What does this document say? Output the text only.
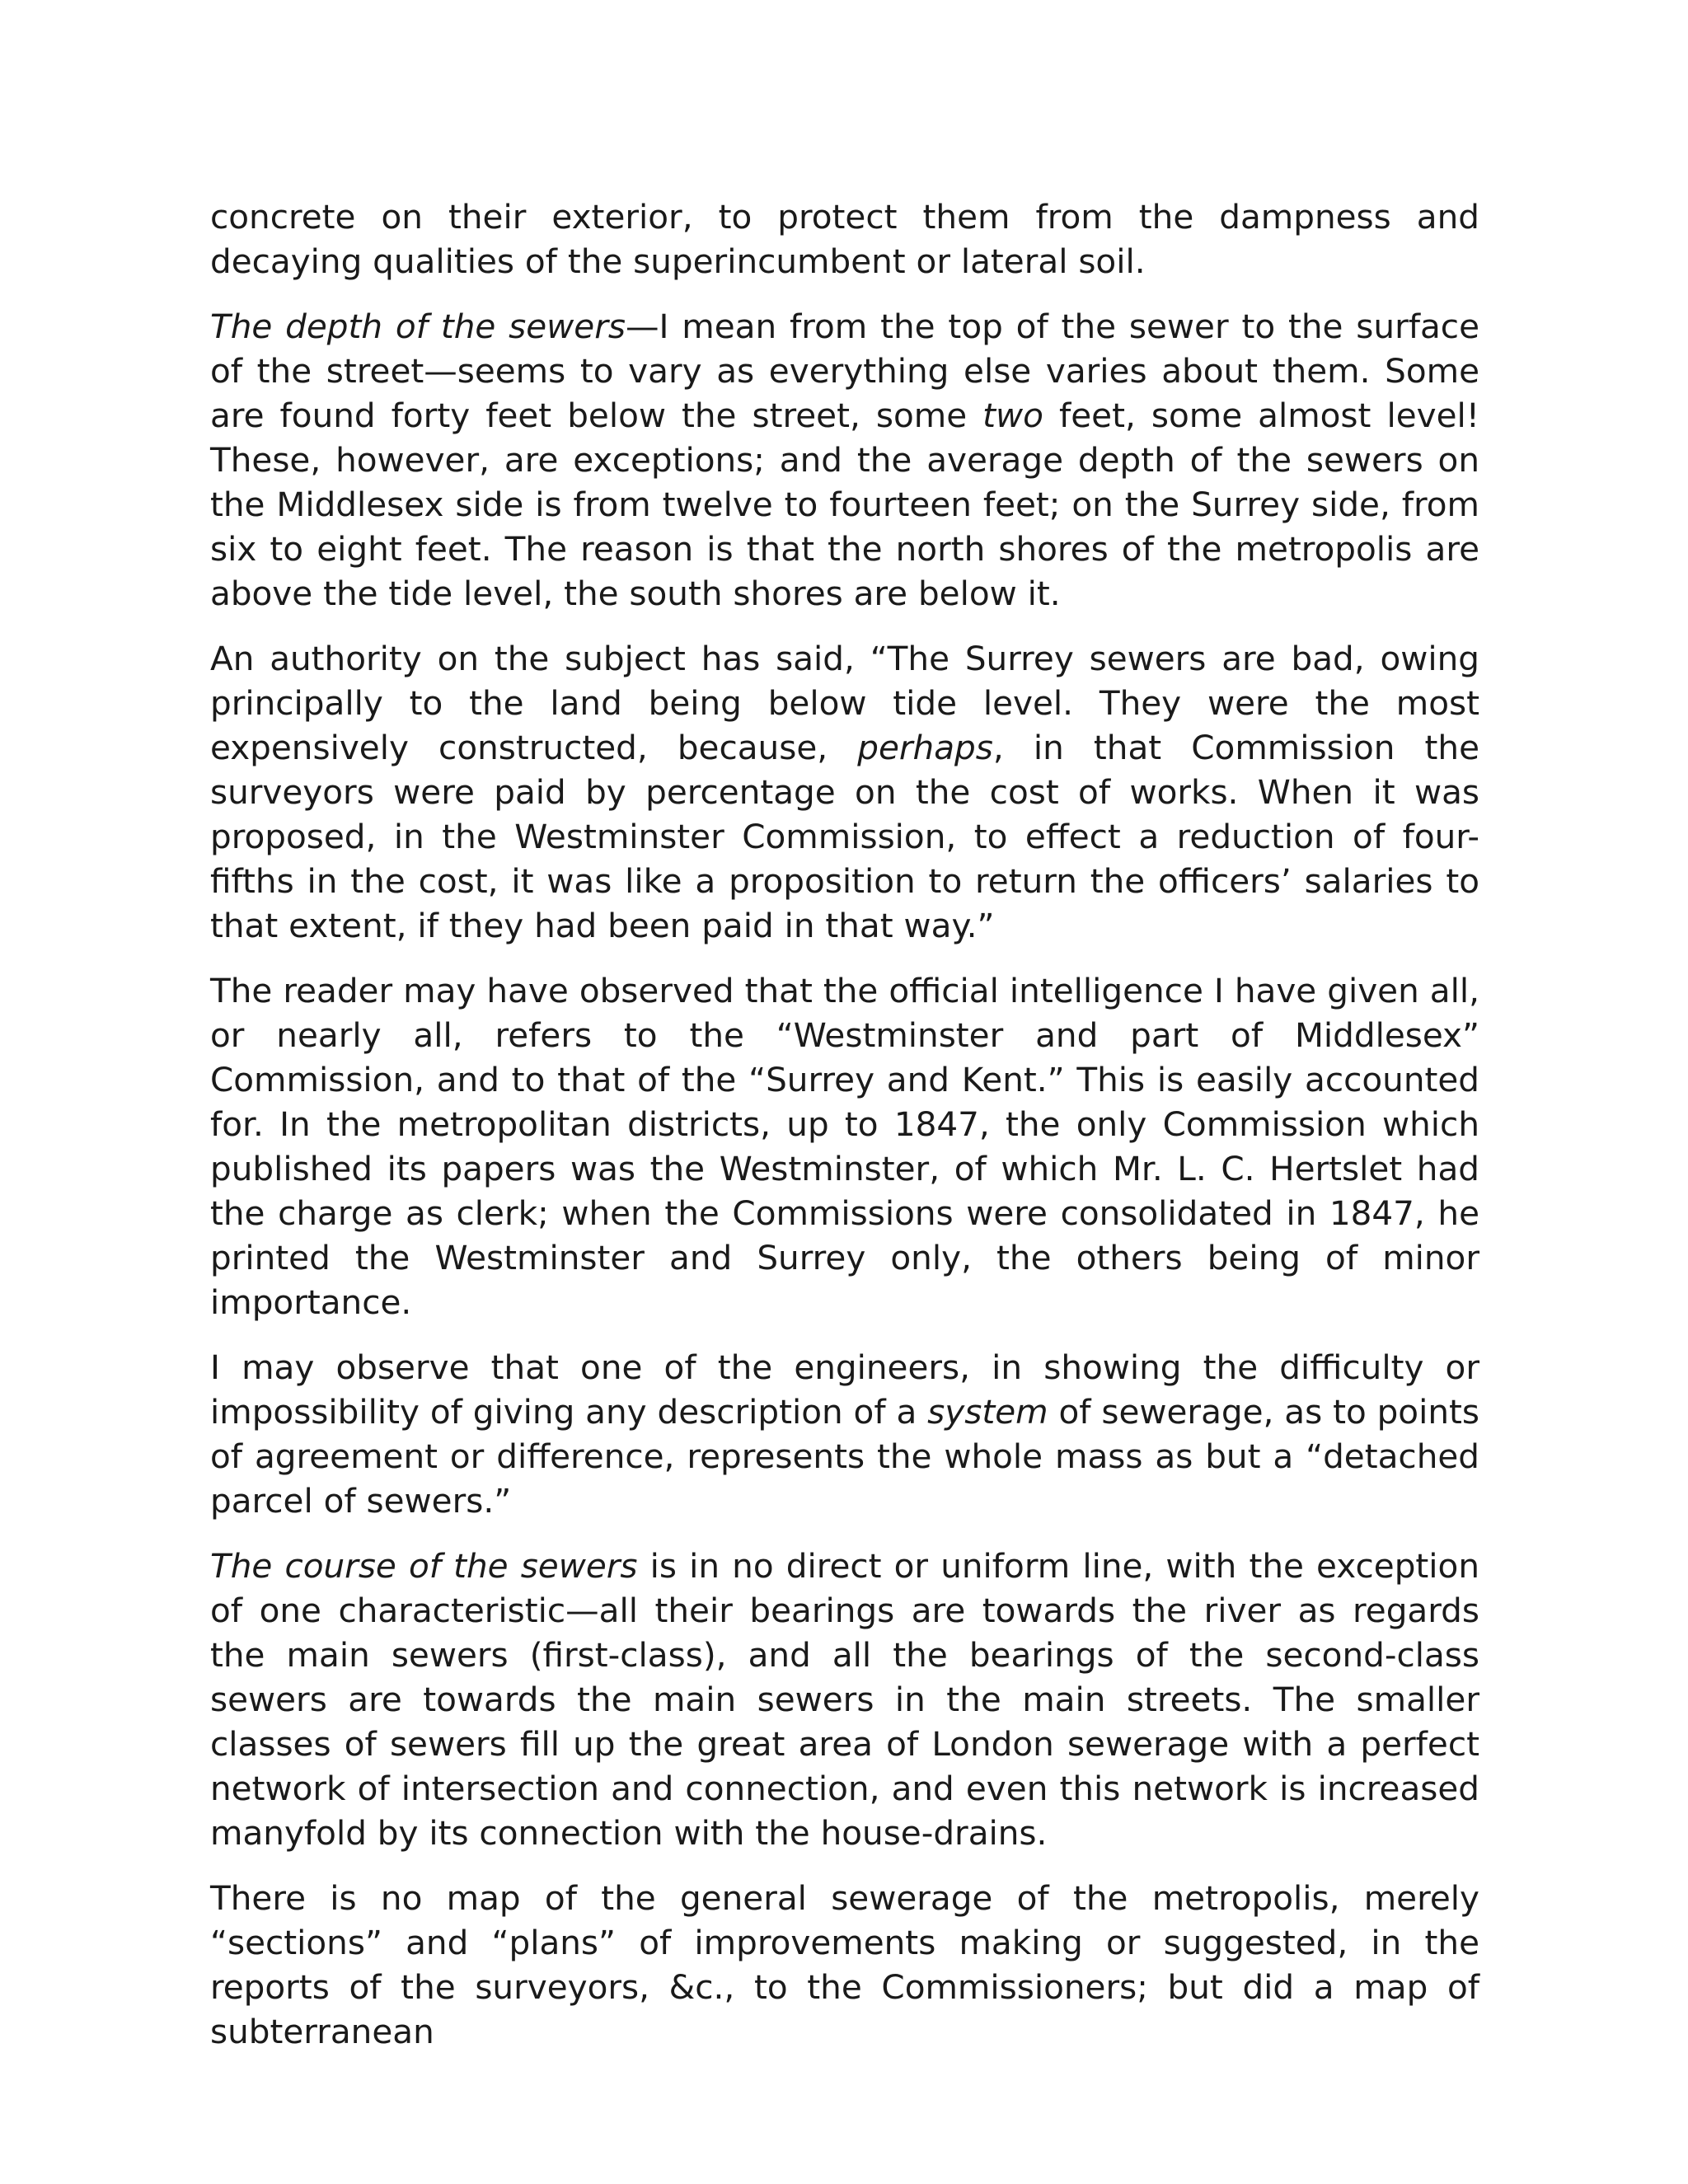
concrete on their exterior, to protect them from the dampness and decaying qualities of the superincumbent or lateral soil.

The depth of the sewers—I mean from the top of the sewer to the surface of the street—seems to vary as everything else varies about them. Some are found forty feet below the street, some two feet, some almost level! These, however, are exceptions; and the average depth of the sewers on the Middlesex side is from twelve to fourteen feet; on the Surrey side, from six to eight feet. The reason is that the north shores of the metropolis are above the tide level, the south shores are below it.

An authority on the subject has said, “The Surrey sewers are bad, owing principally to the land being below tide level. They were the most expensively constructed, because, perhaps, in that Commission the surveyors were paid by percentage on the cost of works. When it was proposed, in the Westminster Commission, to effect a reduction of four-fifths in the cost, it was like a proposition to return the officers’ salaries to that extent, if they had been paid in that way.”

The reader may have observed that the official intelligence I have given all, or nearly all, refers to the “Westminster and part of Middlesex” Commission, and to that of the “Surrey and Kent.” This is easily accounted for. In the metropolitan districts, up to 1847, the only Commission which published its papers was the Westminster, of which Mr. L. C. Hertslet had the charge as clerk; when the Commissions were consolidated in 1847, he printed the Westminster and Surrey only, the others being of minor importance.

I may observe that one of the engineers, in showing the difficulty or impossibility of giving any description of a system of sewerage, as to points of agreement or difference, represents the whole mass as but a “detached parcel of sewers.”

The course of the sewers is in no direct or uniform line, with the exception of one characteristic—all their bearings are towards the river as regards the main sewers (first-class), and all the bearings of the second-class sewers are towards the main sewers in the main streets. The smaller classes of sewers fill up the great area of London sewerage with a perfect network of intersection and connection, and even this network is increased manyfold by its connection with the house-drains.

There is no map of the general sewerage of the metropolis, merely “sections” and “plans” of improvements making or suggested, in the reports of the surveyors, &c., to the Commissioners; but did a map of subterranean
